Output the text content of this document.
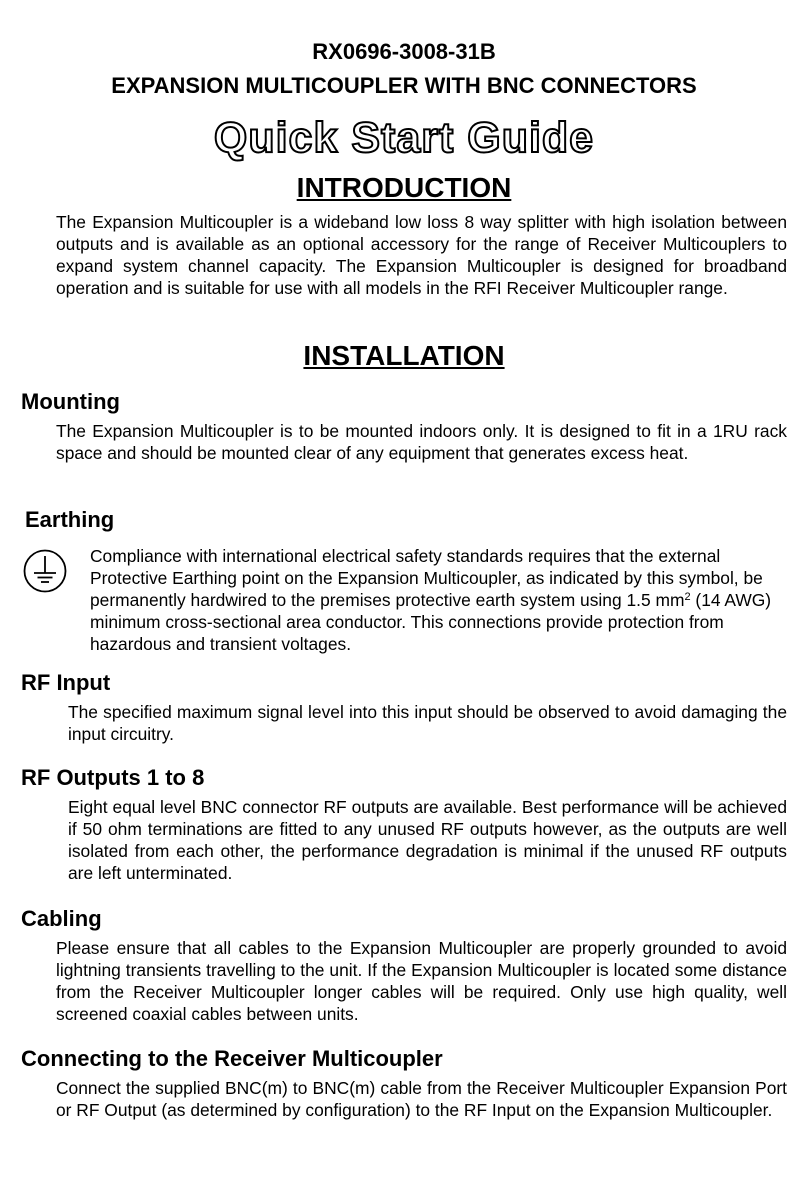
RX0696-3008-31B
EXPANSION MULTICOUPLER WITH BNC CONNECTORS
Quick Start Guide
INTRODUCTION

The Expansion Multicoupler is a wideband low loss 8 way splitter with high isolation between outputs and is available as an optional accessory for the range of Receiver Multicouplers to expand system channel capacity. The Expansion Multicoupler is designed for broadband operation and is suitable for use with all models in the RFI Receiver Multicoupler range.

INSTALLATION
Mounting

The Expansion Multicoupler is to be mounted indoors only. It is designed to fit in a 1RU rack space and should be mounted clear of any equipment that generates excess heat.

Earthing

Compliance with international electrical safety standards requires that the external Protective Earthing point on the Expansion Multicoupler, as indicated by this symbol, be permanently hardwired to the premises protective earth system using 1.5 $mm^2$ (14 AWG) minimum cross-sectional area conductor. This connections provide protection from hazardous and transient voltages.

RF Input

The specified maximum signal level into this input should be observed to avoid damaging the input circuitry.

RF Outputs 1 to 8

Eight equal level BNC connector RF outputs are available. Best performance will be achieved if 50 ohm terminations are fitted to any unused RF outputs however, as the outputs are well isolated from each other, the performance degradation is minimal if the unused RF outputs are left unterminated.

Cabling

Please ensure that all cables to the Expansion Multicoupler are properly grounded to avoid lightning transients travelling to the unit. If the Expansion Multicoupler is located some distance from the Receiver Multicoupler longer cables will be required. Only use high quality, well screened coaxial cables between units.

Connecting to the Receiver Multicoupler

Connect the supplied BNC(m) to BNC(m) cable from the Receiver Multicoupler Expansion Port or RF Output (as determined by configuration) to the RF Input on the Expansion Multicoupler.
